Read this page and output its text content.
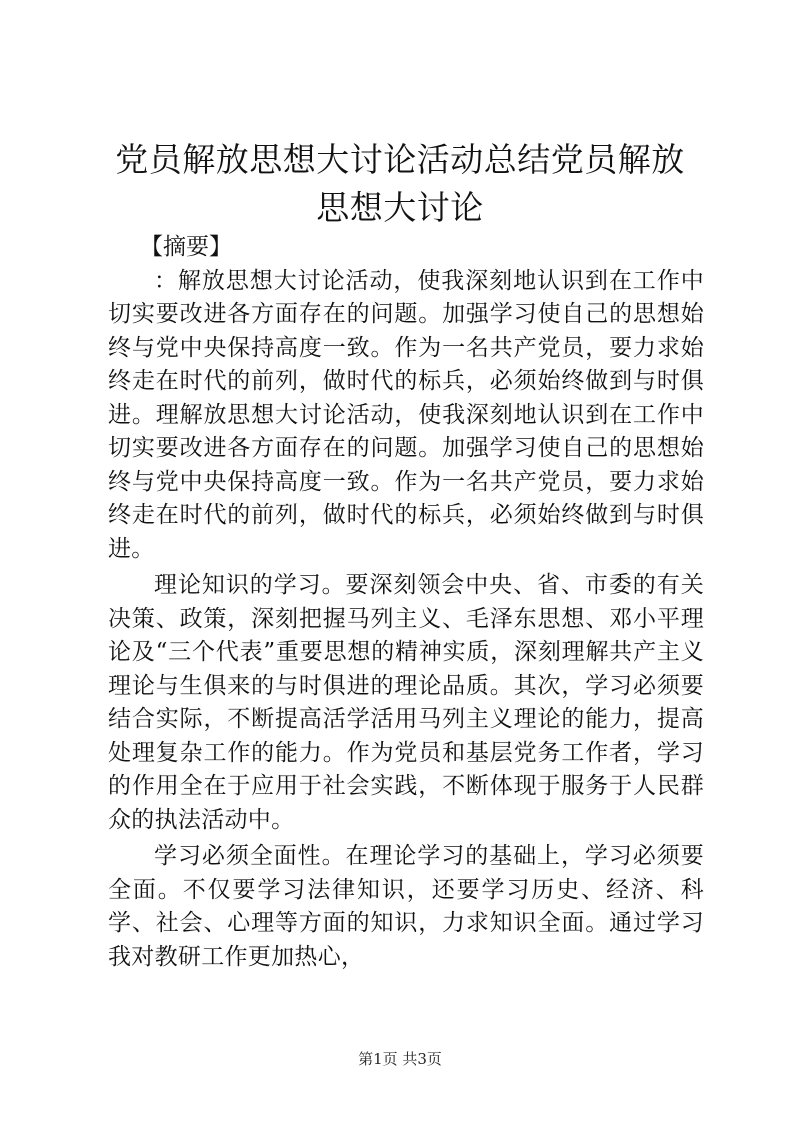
党员解放思想大讨论活动总结党员解放思想大讨论

【摘要】

：解放思想大讨论活动，使我深刻地认识到在工作中切实要改进各方面存在的问题。加强学习使自己的思想始终与党中央保持高度一致。作为一名共产党员，要力求始终走在时代的前列，做时代的标兵，必须始终做到与时俱进。理解放思想大讨论活动，使我深刻地认识到在工作中切实要改进各方面存在的问题。加强学习使自己的思想始终与党中央保持高度一致。作为一名共产党员，要力求始终走在时代的前列，做时代的标兵，必须始终做到与时俱进。

理论知识的学习。要深刻领会中央、省、市委的有关决策、政策，深刻把握马列主义、毛泽东思想、邓小平理论及“三个代表”重要思想的精神实质，深刻理解共产主义理论与生俱来的与时俱进的理论品质。其次，学习必须要结合实际，不断提高活学活用马列主义理论的能力，提高处理复杂工作的能力。作为党员和基层党务工作者，学习的作用全在于应用于社会实践，不断体现于服务于人民群众的执法活动中。

学习必须全面性。在理论学习的基础上，学习必须要全面。不仅要学习法律知识，还要学习历史、经济、科学、社会、心理等方面的知识，力求知识全面。通过学习我对教研工作更加热心，

第1页 共3页
